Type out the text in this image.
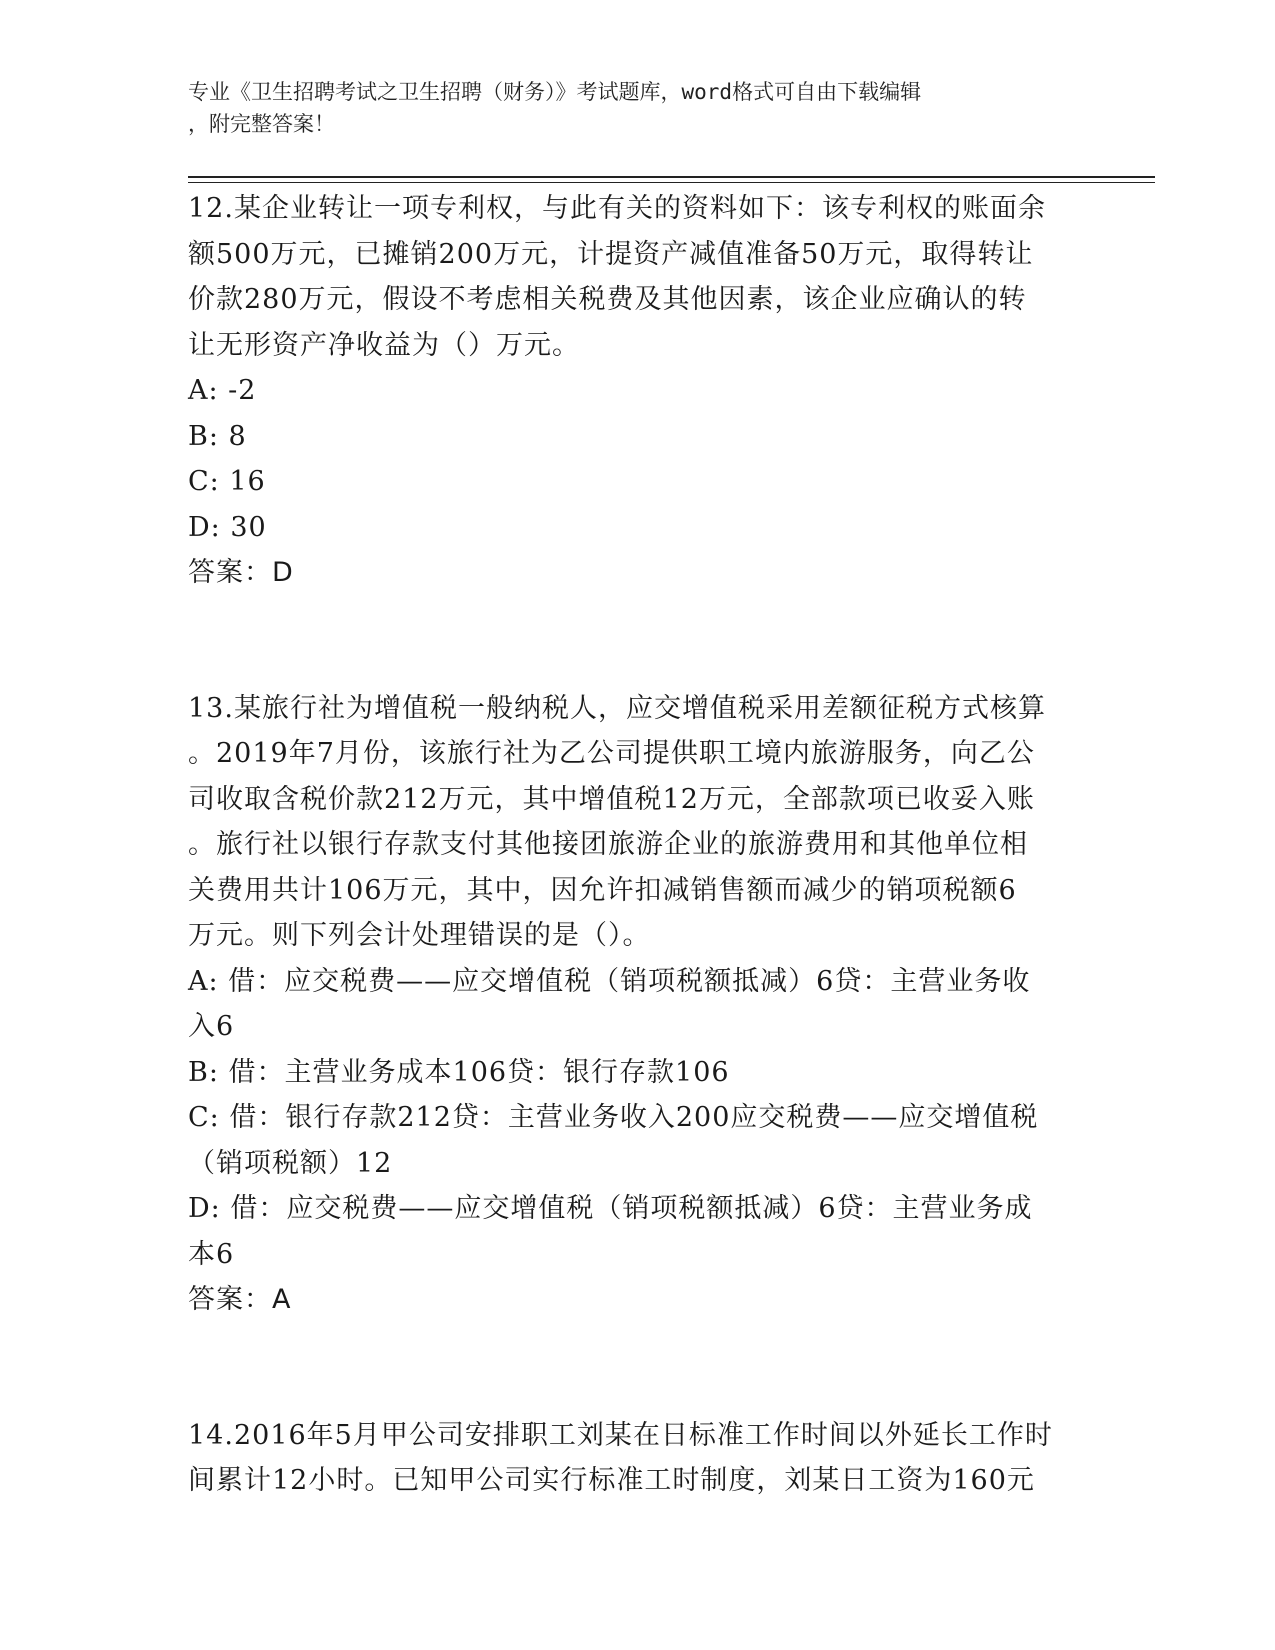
专业《卫生招聘考试之卫生招聘（财务）》考试题库，word格式可自由下载编辑
，附完整答案！

12.某企业转让一项专利权，与此有关的资料如下：该专利权的账面余

额500万元，已摊销200万元，计提资产减值准备50万元，取得转让

价款280万元，假设不考虑相关税费及其他因素，该企业应确认的转

让无形资产净收益为（）万元。

A: -2

B: 8

C: 16

D: 30

答案：D

13.某旅行社为增值税一般纳税人，应交增值税采用差额征税方式核算

。2019年7月份，该旅行社为乙公司提供职工境内旅游服务，向乙公

司收取含税价款212万元，其中增值税12万元，全部款项已收妥入账

。旅行社以银行存款支付其他接团旅游企业的旅游费用和其他单位相

关费用共计106万元，其中，因允许扣减销售额而减少的销项税额6

万元。则下列会计处理错误的是（）。

A: 借：应交税费——应交增值税（销项税额抵减）6贷：主营业务收

入6

B: 借：主营业务成本106贷：银行存款106

C: 借：银行存款212贷：主营业务收入200应交税费——应交增值税

（销项税额）12

D: 借：应交税费——应交增值税（销项税额抵减）6贷：主营业务成

本6

答案：A

14.2016年5月甲公司安排职工刘某在日标准工作时间以外延长工作时

间累计12小时。已知甲公司实行标准工时制度，刘某日工资为160元
